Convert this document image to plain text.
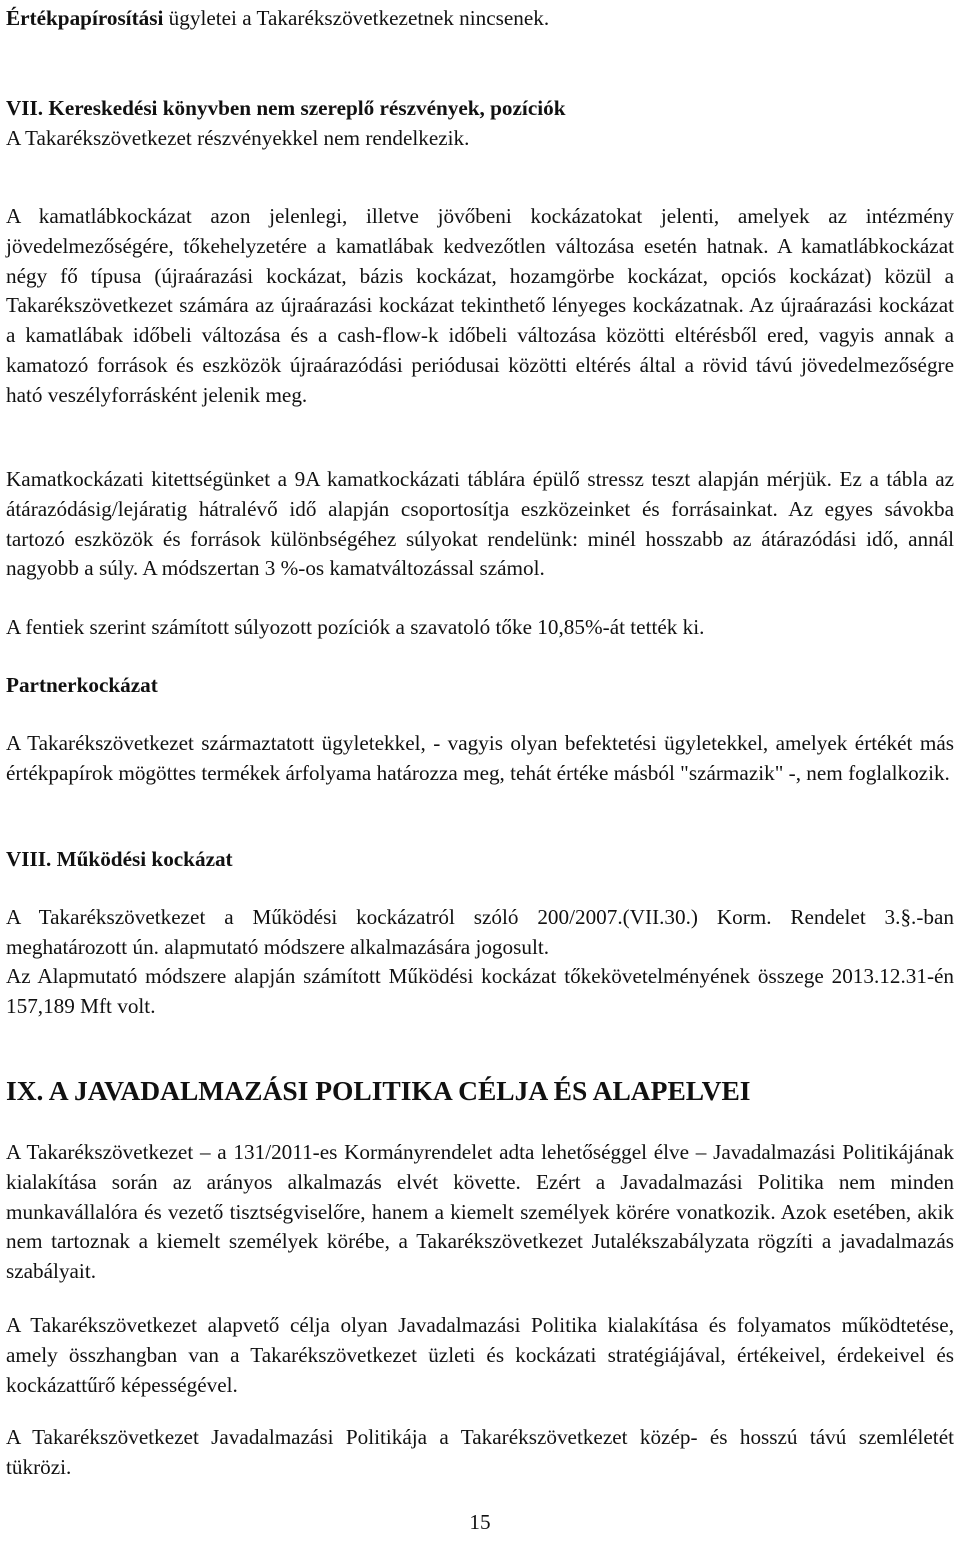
Értékpapírosítási ügyletei a Takarékszövetkezetnek nincsenek.

VII. Kereskedési könyvben nem szereplő részvények, pozíciók

A Takarékszövetkezet részvényekkel nem rendelkezik.

A kamatlábkockázat azon jelenlegi, illetve jövőbeni kockázatokat jelenti, amelyek az intézmény jövedelmezőségére, tőkehelyzetére a kamatlábak kedvezőtlen változása esetén hatnak. A kamatlábkockázat négy fő típusa (újraárazási kockázat, bázis kockázat, hozamgörbe kockázat, opciós kockázat) közül a Takarékszövetkezet számára az újraárazási kockázat tekinthető lényeges kockázatnak. Az újraárazási kockázat a kamatlábak időbeli változása és a cash-flow-k időbeli változása közötti eltérésből ered, vagyis annak a kamatozó források és eszközök újraárazódási periódusai közötti eltérés által a rövid távú jövedelmezőségre ható veszélyforrásként jelenik meg.

Kamatkockázati kitettségünket a 9A kamatkockázati táblára épülő stressz teszt alapján mérjük. Ez a tábla az átárazódásig/lejáratig hátralévő idő alapján csoportosítja eszközeinket és forrásainkat. Az egyes sávokba tartozó eszközök és források különbségéhez súlyokat rendelünk: minél hosszabb az átárazódási idő, annál nagyobb a súly. A módszertan 3 %-os kamatváltozással számol.

A fentiek szerint számított súlyozott pozíciók a szavatoló tőke 10,85%-át tették ki.

Partnerkockázat

A Takarékszövetkezet származtatott ügyletekkel, - vagyis olyan befektetési ügyletekkel, amelyek értékét más értékpapírok mögöttes termékek árfolyama határozza meg, tehát értéke másból "származik" -, nem foglalkozik.

VIII. Működési kockázat

A Takarékszövetkezet a Működési kockázatról szóló 200/2007.(VII.30.) Korm. Rendelet 3.§.-ban meghatározott ún. alapmutató módszere alkalmazására jogosult.

Az Alapmutató módszere alapján számított Működési kockázat tőkekövetelményének összege 2013.12.31-én 157,189 Mft volt.

IX. A JAVADALMAZÁSI POLITIKA CÉLJA ÉS ALAPELVEI

A Takarékszövetkezet – a 131/2011-es Kormányrendelet adta lehetőséggel élve – Javadalmazási Politikájának kialakítása során az arányos alkalmazás elvét követte. Ezért a Javadalmazási Politika nem minden munkavállalóra és vezető tisztségviselőre, hanem a kiemelt személyek körére vonatkozik. Azok esetében, akik nem tartoznak a kiemelt személyek körébe, a Takarékszövetkezet Jutalékszabályzata rögzíti a javadalmazás szabályait.

A Takarékszövetkezet alapvető célja olyan Javadalmazási Politika kialakítása és folyamatos működtetése, amely összhangban van a Takarékszövetkezet üzleti és kockázati stratégiájával, értékeivel, érdekeivel és kockázattűrő képességével.

A Takarékszövetkezet Javadalmazási Politikája a Takarékszövetkezet közép- és hosszú távú szemléletét tükrözi.

15
